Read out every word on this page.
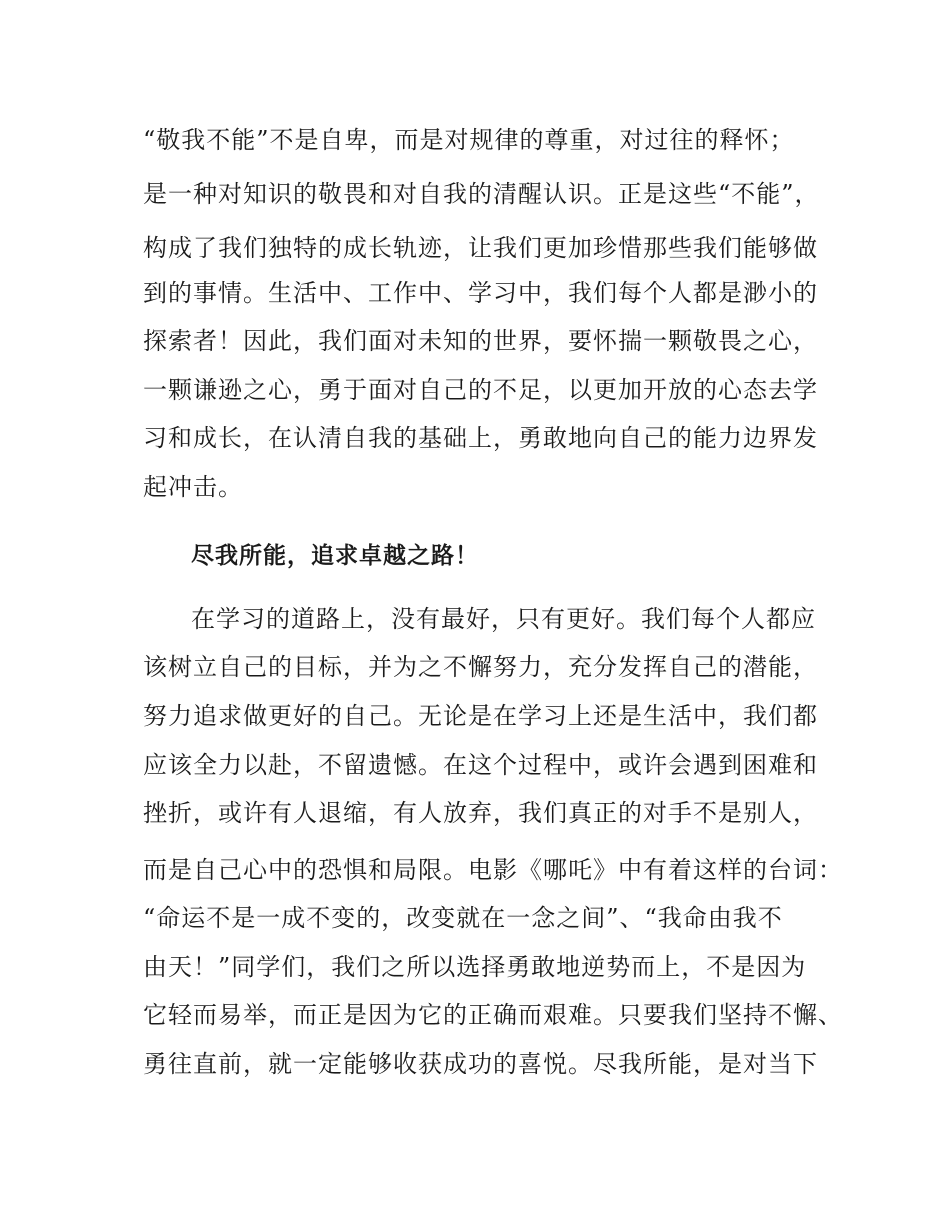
“敬我不能”不是自卑，而是对规律的尊重，对过往的释怀；
是一种对知识的敬畏和对自我的清醒认识。正是这些“不能”，
构成了我们独特的成长轨迹，让我们更加珍惜那些我们能够做
到的事情。生活中、工作中、学习中，我们每个人都是渺小的
探索者！因此，我们面对未知的世界，要怀揣一颗敬畏之心，
一颗谦逊之心，勇于面对自己的不足，以更加开放的心态去学
习和成长，在认清自我的基础上，勇敢地向自己的能力边界发
起冲击。
尽我所能，追求卓越之路！
在学习的道路上，没有最好，只有更好。我们每个人都应
该树立自己的目标，并为之不懈努力，充分发挥自己的潜能，
努力追求做更好的自己。无论是在学习上还是生活中，我们都
应该全力以赴，不留遗憾。在这个过程中，或许会遇到困难和
挫折，或许有人退缩，有人放弃，我们真正的对手不是别人，
而是自己心中的恐惧和局限。电影《哪吒》中有着这样的台词：
“命运不是一成不变的，改变就在一念之间”、“我命由我不
由天！”同学们，我们之所以选择勇敢地逆势而上，不是因为
它轻而易举，而正是因为它的正确而艰难。只要我们坚持不懈、
勇往直前，就一定能够收获成功的喜悦。尽我所能，是对当下
